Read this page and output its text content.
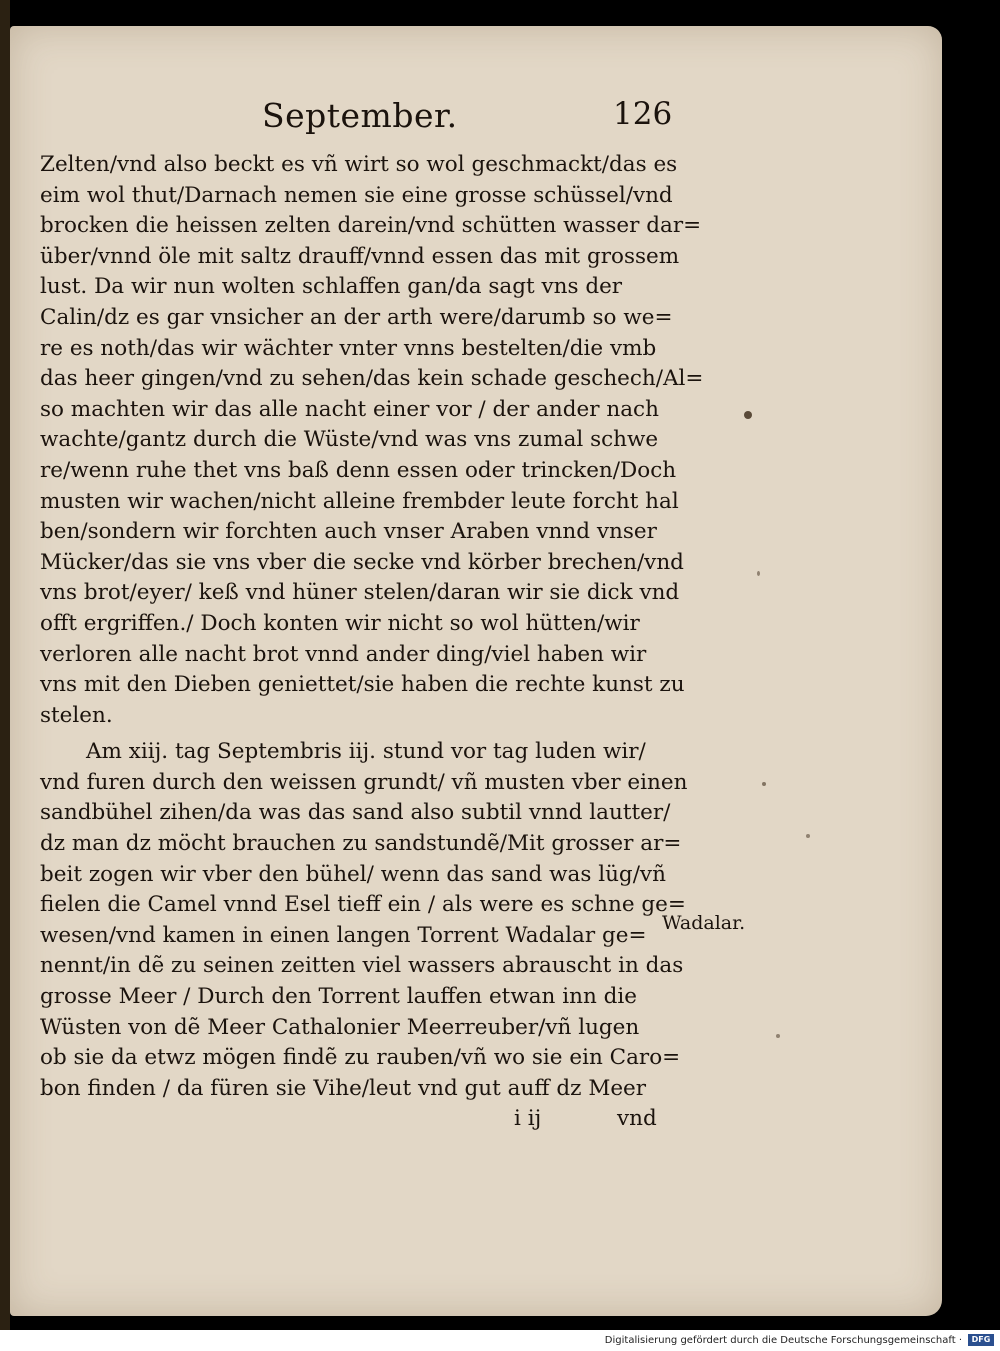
September.	126
Zelten/vnd also beckt es vñ wirt so wol geschmackt/das es
eim wol thut/Darnach nemen sie eine grosse schüssel/vnd
brocken die heissen zelten darein/vnd schütten wasser dar=
über/vnnd öle mit saltz drauff/vnnd essen das mit grossem
lust. Da wir nun wolten schlaffen gan/da sagt vns der
Calin/dz es gar vnsicher an der arth were/darumb so we=
re es noth/das wir wächter vnter vnns bestelten/die vmb
das heer gingen/vnd zu sehen/das kein schade geschech/Al=
so machten wir das alle nacht einer vor / der ander nach
wachte/gantz durch die Wüste/vnd was vns zumal schwe
re/wenn ruhe thet vns baß denn essen oder trincken/Doch
musten wir wachen/nicht alleine frembder leute forcht hal
ben/sondern wir forchten auch vnser Araben vnnd vnser
Mücker/das sie vns vber die secke vnd körber brechen/vnd
vns brot/eyer/ keß vnd hüner stelen/daran wir sie dick vnd
offt ergriffen./ Doch konten wir nicht so wol hütten/wir
verloren alle nacht brot vnnd ander ding/viel haben wir
vns mit den Dieben geniettet/sie haben die rechte kunst zu
stelen.
Am xiij. tag Septembris iij. stund vor tag luden wir/
vnd furen durch den weissen grundt/ vñ musten vber einen
sandbühel zihen/da was das sand also subtil vnnd lautter/
dz man dz möcht brauchen zu sandstundẽ/Mit grosser ar=
beit zogen wir vber den bühel/ wenn das sand was lüg/vñ
fielen die Camel vnnd Esel tieff ein / als were es schne ge=
wesen/vnd kamen in einen langen Torrent Wadalar ge=
nennt/in dẽ zu seinen zeitten viel wassers abrauscht in das
grosse Meer / Durch den Torrent lauffen etwan inn die
Wüsten von dẽ Meer Cathalonier Meerreuber/vñ lugen
ob sie da etwz mögen findẽ zu rauben/vñ wo sie ein Caro=
bon finden / da füren sie Vihe/leut vnd gut auff dz Meer
i ij	vnd
Wadalar.
Digitalisierung gefördert durch die Deutsche Forschungsgemeinschaft ·	DFG
